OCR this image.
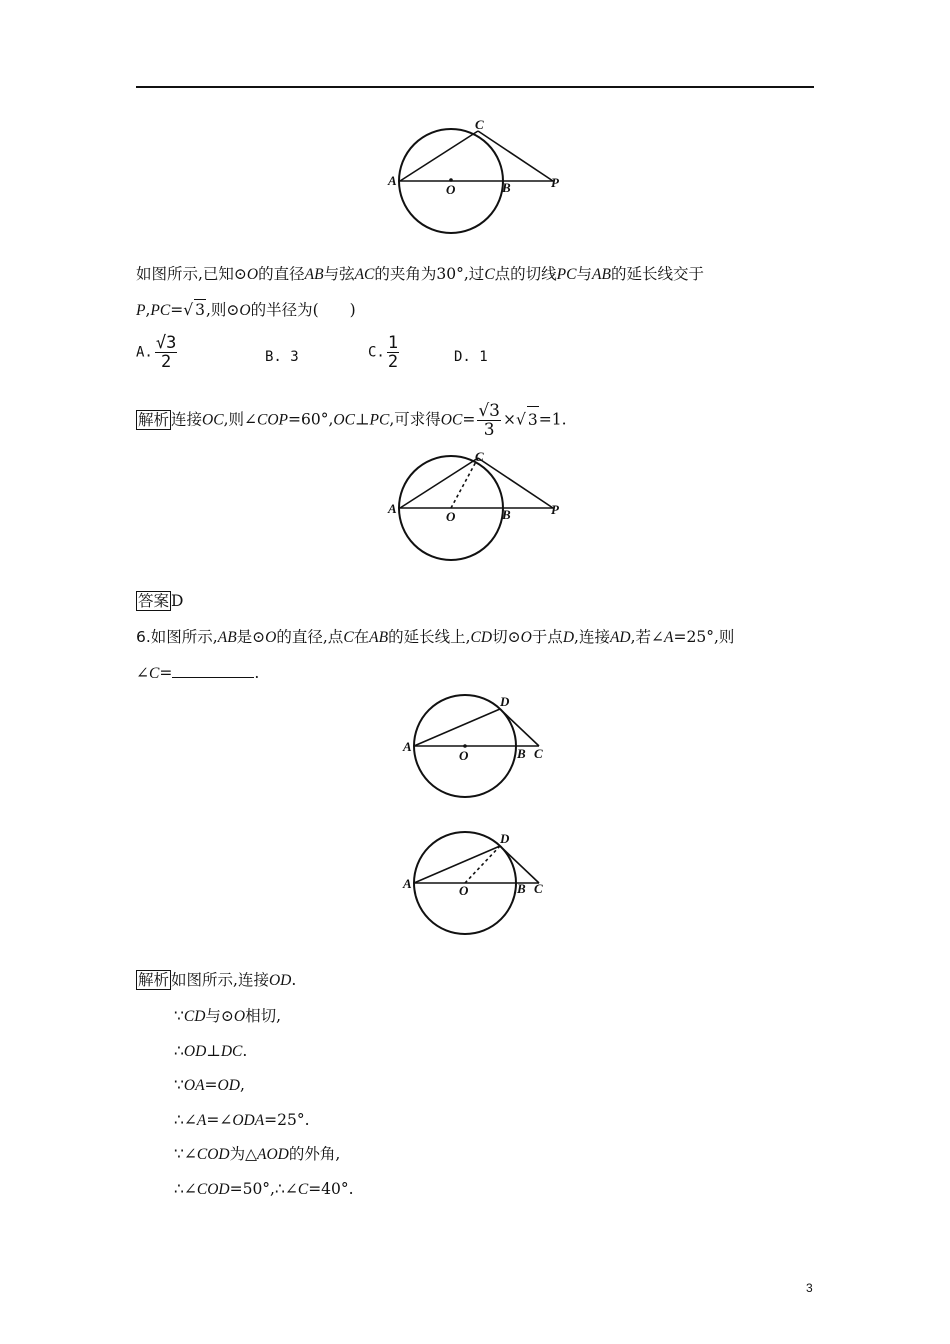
A
O	B
C
P
如图所示,已知⊙O的直径AB与弦AC的夹角为30°,过C点的切线PC与AB的延长线交于
P,PC=√ 3,则⊙O的半径为(　　)
A. $\frac{√3}{2}$	B. 3	C. $\frac{1}{2}$	D. 1
解析 连接OC,则∠COP=60°,OC⊥PC,可求得$OC= \frac{√3}{3}$ ×√ 3=1.
A
O	B
C
P
答案 D
6.如图所示,AB是⊙O的直径,点C在AB的延长线上,CD切⊙O于点D,连接AD,若∠A=25°,则
∠C=	.
A
O	B C
D
A	O	B C
D
解析 如图所示,连接OD.
∵CD与⊙O相切,
∴OD⊥DC.
∵OA=OD,
∴∠A=∠ODA=25°.
∵∠COD为△AOD的外角,
∴∠COD=50°,∴∠C=40°.
3
